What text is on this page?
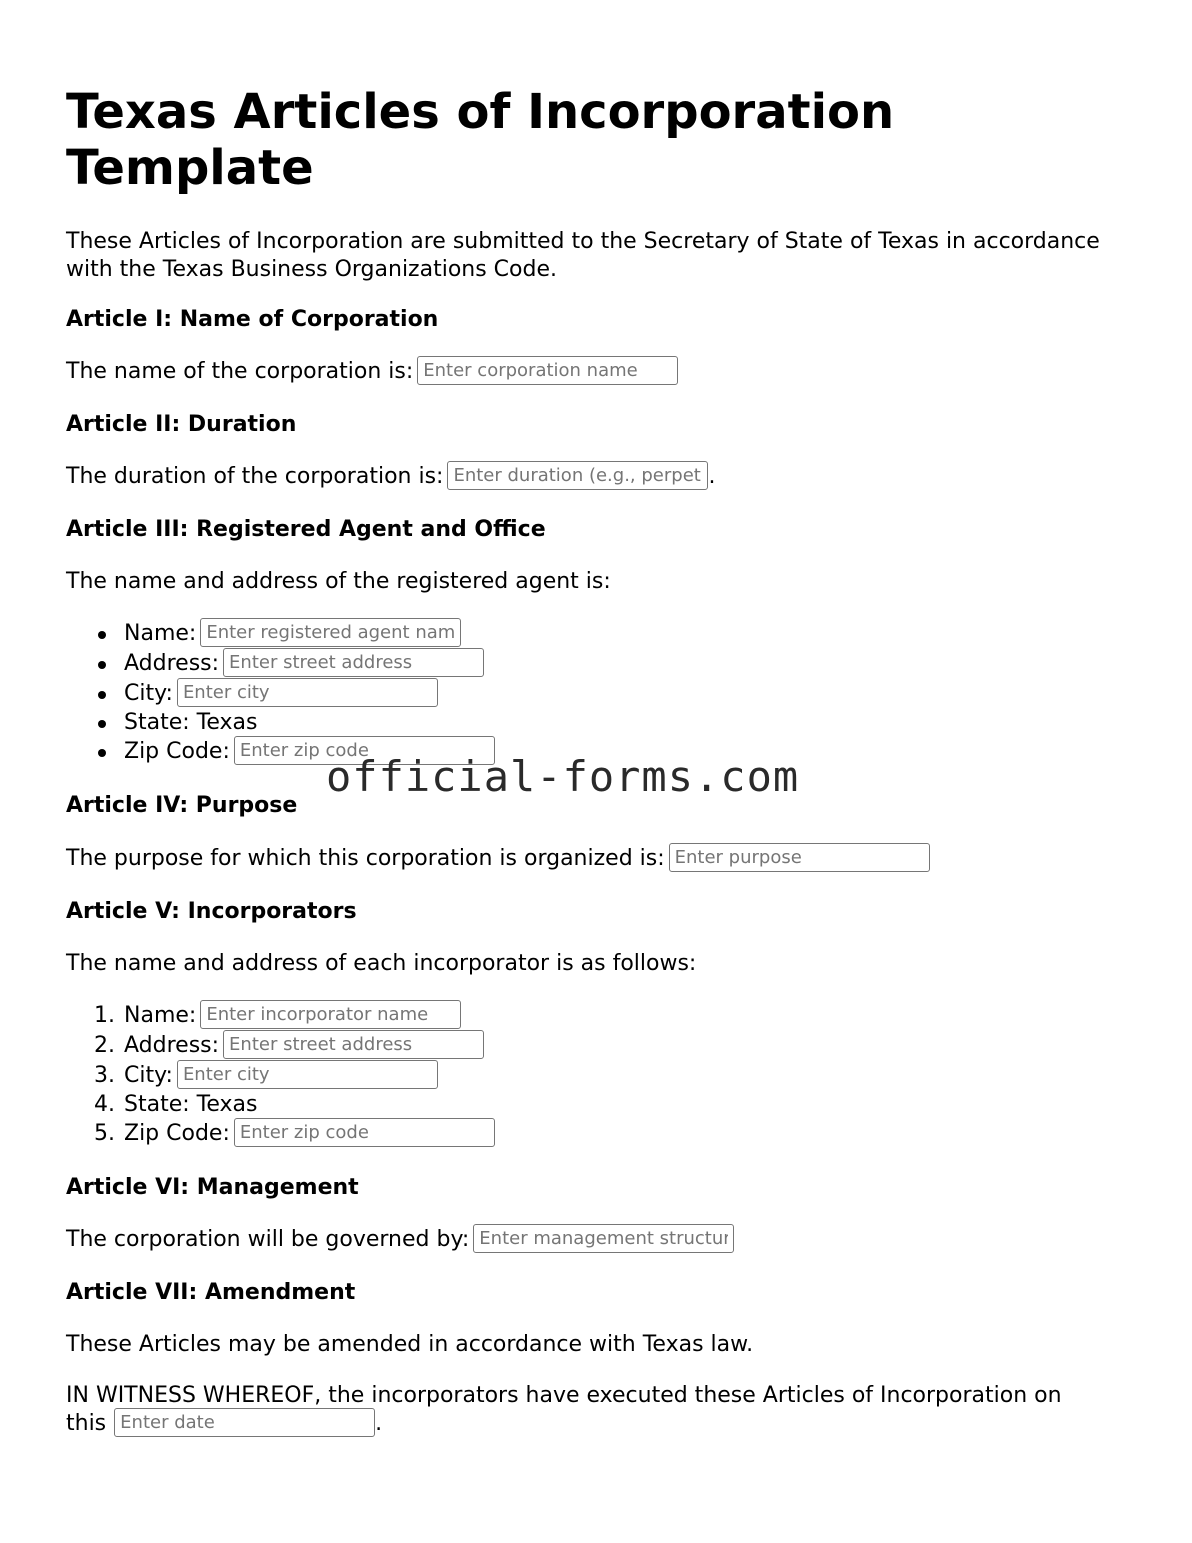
Texas Articles of Incorporation Template

These Articles of Incorporation are submitted to the Secretary of State of Texas in accordance with the Texas Business Organizations Code.

Article I: Name of Corporation

The name of the corporation is:Enter corporation name

Article II: Duration

The duration of the corporation is:Enter duration (e.g., perpetual)	.

Article III: Registered Agent and Office

The name and address of the registered agent is:

Name:Enter registered agent name
Address:Enter street address
City:Enter city
State: Texas
Zip Code:Enter zip code

Article IV: Purpose

The purpose for which this corporation is organized is:Enter purpose

Article V: Incorporators

The name and address of each incorporator is as follows:

1. Name:Enter incorporator name
2. Address:Enter street address
3. City:Enter city
4. State: Texas
5. Zip Code:Enter zip code

Article VI: Management

The corporation will be governed by:Enter management structure

Article VII: Amendment

These Articles may be amended in accordance with Texas law.

IN WITNESS WHEREOF, the incorporators have executed these Articles of Incorporation on

thisEnter date	.

official-forms.com
